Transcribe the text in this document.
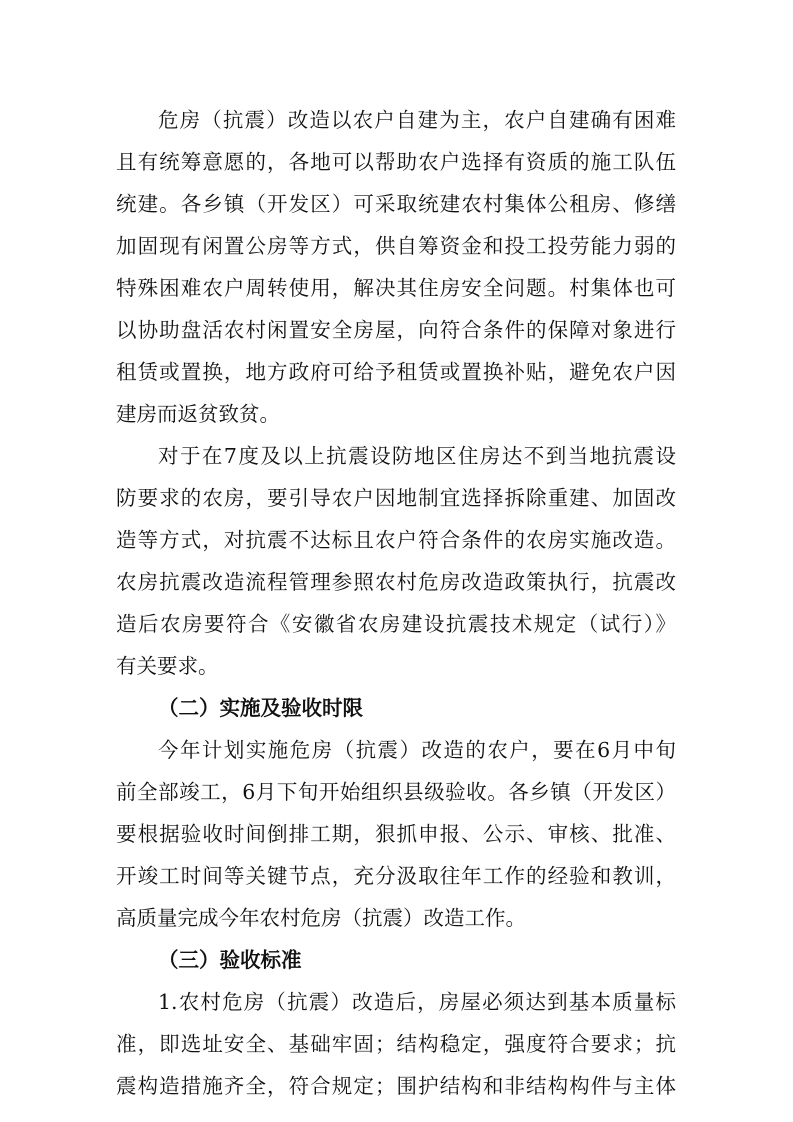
危房（抗震）改造以农户自建为主，农户自建确有困难
且有统筹意愿的，各地可以帮助农户选择有资质的施工队伍
统建。各乡镇（开发区）可采取统建农村集体公租房、修缮
加固现有闲置公房等方式，供自筹资金和投工投劳能力弱的
特殊困难农户周转使用，解决其住房安全问题。村集体也可
以协助盘活农村闲置安全房屋，向符合条件的保障对象进行
租赁或置换，地方政府可给予租赁或置换补贴，避免农户因
建房而返贫致贫。
对于在7度及以上抗震设防地区住房达不到当地抗震设
防要求的农房，要引导农户因地制宜选择拆除重建、加固改
造等方式，对抗震不达标且农户符合条件的农房实施改造。
农房抗震改造流程管理参照农村危房改造政策执行，抗震改
造后农房要符合《安徽省农房建设抗震技术规定（试行）》
有关要求。
（二）实施及验收时限
今年计划实施危房（抗震）改造的农户，要在6月中旬
前全部竣工，6月下旬开始组织县级验收。各乡镇（开发区）
要根据验收时间倒排工期，狠抓申报、公示、审核、批准、
开竣工时间等关键节点，充分汲取往年工作的经验和教训，
高质量完成今年农村危房（抗震）改造工作。
（三）验收标准
1.农村危房（抗震）改造后，房屋必须达到基本质量标
准，即选址安全、基础牢固；结构稳定，强度符合要求；抗
震构造措施齐全，符合规定；围护结构和非结构构件与主体
